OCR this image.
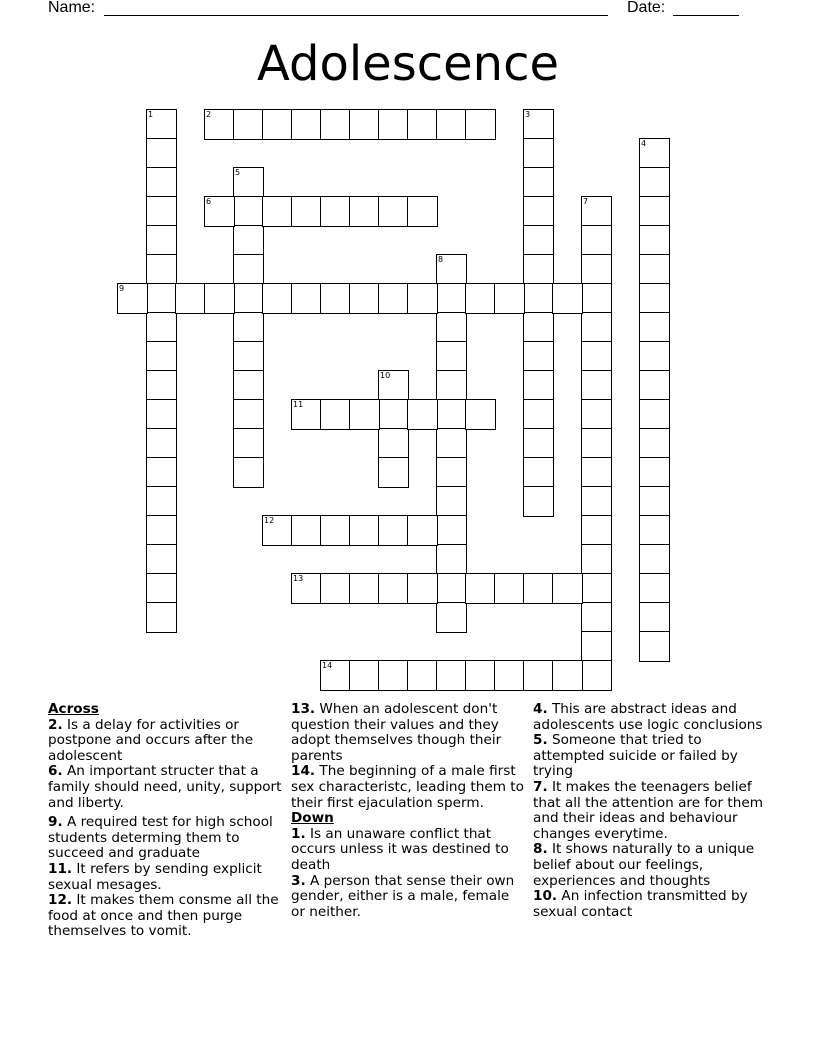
Name:	Date:
Adolescence
1	2	3
4
5
6	7
8
9
10
11
12
13
14
Across

2. Is a delay for activities or postpone and occurs after the adolescent

6. An important structer that a family should need, unity, support and liberty.

9. A required test for high school students determing them to succeed and graduate

11. It refers by sending explicit sexual mesages.

12. It makes them consme all the food at once and then purge themselves to vomit.

13. When an adolescent don't question their values and they adopt themselves though their parents

14. The beginning of a male first sex characteristc, leading them to their first ejaculation sperm.

Down

1. Is an unaware conflict that occurs unless it was destined to death

3. A person that sense their own gender, either is a male, female or neither.

4. This are abstract ideas and adolescents use logic conclusions

5. Someone that tried to attempted suicide or failed by trying

7. It makes the teenagers belief that all the attention are for them and their ideas and behaviour changes everytime.

8. It shows naturally to a unique belief about our feelings, experiences and thoughts

10. An infection transmitted by sexual contact
